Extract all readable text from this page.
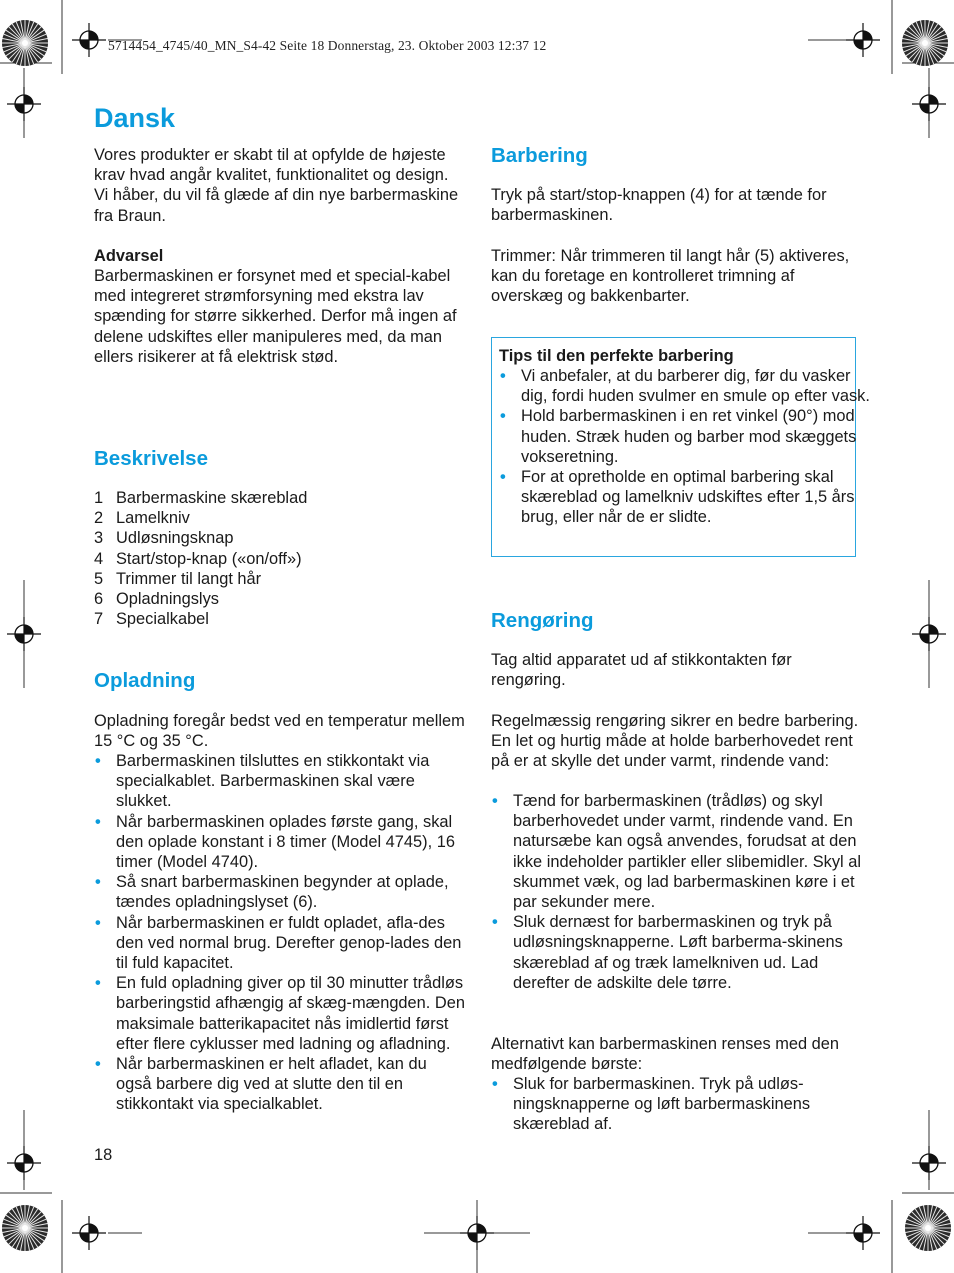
5714454_4745/40_MN_S4-42 Seite 18 Donnerstag, 23. Oktober 2003 12:37 12
Dansk

Vores produkter er skabt til at opfylde de højeste krav hvad angår kvalitet, funktionalitet og design. Vi håber, du vil få glæde af din nye barbermaskine fra Braun.

Advarsel

Barbermaskinen er forsynet med et special-kabel med integreret strømforsyning med ekstra lav spænding for større sikkerhed. Derfor må ingen af delene udskiftes eller manipuleres med, da man ellers risikerer at få elektrisk stød.

Beskrivelse
1 Barbermaskine skæreblad
2 Lamelkniv
3 Udløsningsknap
4 Start/stop-knap («on/off»)
5 Trimmer til langt hår
6 Opladningslys
7 Specialkabel
Opladning

Opladning foregår bedst ved en temperatur mellem 15 °C og 35 °C.

• Barbermaskinen tilsluttes en stikkontakt via specialkablet. Barbermaskinen skal være slukket.
• Når barbermaskinen oplades første gang, skal den oplade konstant i 8 timer (Model 4745), 16 timer (Model 4740).
• Så snart barbermaskinen begynder at oplade, tændes opladningslyset (6).
• Når barbermaskinen er fuldt opladet, afla-des den ved normal brug. Derefter genop-lades den til fuld kapacitet.
• En fuld opladning giver op til 30 minutter trådløs barberingstid afhængig af skæg-mængden. Den maksimale batterikapacitet nås imidlertid først efter flere cyklusser med ladning og afladning.
• Når barbermaskinen er helt afladet, kan du også barbere dig ved at slutte den til en stikkontakt via specialkablet.
Barbering

Tryk på start/stop-knappen (4) for at tænde for barbermaskinen.

Trimmer: Når trimmeren til langt hår (5) aktiveres, kan du foretage en kontrolleret trimning af overskæg og bakkenbarter.

Rengøring

Tag altid apparatet ud af stikkontakten før rengøring.

Regelmæssig rengøring sikrer en bedre barbering. En let og hurtig måde at holde barberhovedet rent på er at skylle det under varmt, rindende vand:

• Tænd for barbermaskinen (trådløs) og skyl barberhovedet under varmt, rindende vand. En natursæbe kan også anvendes, forudsat at den ikke indeholder partikler eller slibemidler. Skyl al skummet væk, og lad barbermaskinen køre i et par sekunder mere.
• Sluk dernæst for barbermaskinen og tryk på udløsningsknapperne. Løft barberma-skinens skæreblad af og træk lamelkniven ud. Lad derefter de adskilte dele tørre.

Alternativt kan barbermaskinen renses med den medfølgende børste:

• Sluk for barbermaskinen. Tryk på udløs-ningsknapperne og løft barbermaskinens skæreblad af.
Tips til den perfekte barbering
• Vi anbefaler, at du barberer dig, før du vasker dig, fordi huden svulmer en smule op efter vask.
• Hold barbermaskinen i en ret vinkel (90°) mod huden. Stræk huden og barber mod skæggets vokseretning.
• For at opretholde en optimal barbering skal skæreblad og lamelkniv udskiftes efter 1,5 års brug, eller når de er slidte.
18
